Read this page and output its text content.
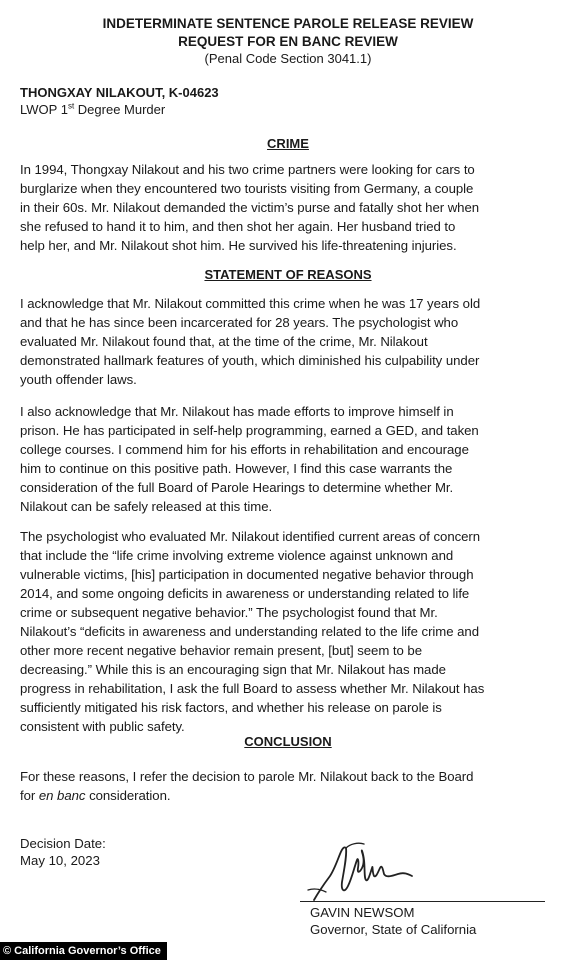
INDETERMINATE SENTENCE PAROLE RELEASE REVIEW
REQUEST FOR EN BANC REVIEW
(Penal Code Section 3041.1)
THONGXAY NILAKOUT, K-04623
LWOP 1st Degree Murder
CRIME
In 1994, Thongxay Nilakout and his two crime partners were looking for cars to
burglarize when they encountered two tourists visiting from Germany, a couple
in their 60s. Mr. Nilakout demanded the victim’s purse and fatally shot her when
she refused to hand it to him, and then shot her again. Her husband tried to
help her, and Mr. Nilakout shot him. He survived his life-threatening injuries.
STATEMENT OF REASONS
I acknowledge that Mr. Nilakout committed this crime when he was 17 years old
and that he has since been incarcerated for 28 years. The psychologist who
evaluated Mr. Nilakout found that, at the time of the crime, Mr. Nilakout
demonstrated hallmark features of youth, which diminished his culpability under
youth offender laws.
I also acknowledge that Mr. Nilakout has made efforts to improve himself in
prison. He has participated in self-help programming, earned a GED, and taken
college courses. I commend him for his efforts in rehabilitation and encourage
him to continue on this positive path. However, I find this case warrants the
consideration of the full Board of Parole Hearings to determine whether Mr.
Nilakout can be safely released at this time.
The psychologist who evaluated Mr. Nilakout identified current areas of concern
that include the “life crime involving extreme violence against unknown and
vulnerable victims, [his] participation in documented negative behavior through
2014, and some ongoing deficits in awareness or understanding related to life
crime or subsequent negative behavior.” The psychologist found that Mr.
Nilakout’s “deficits in awareness and understanding related to the life crime and
other more recent negative behavior remain present, [but] seem to be
decreasing.” While this is an encouraging sign that Mr. Nilakout has made
progress in rehabilitation, I ask the full Board to assess whether Mr. Nilakout has
sufficiently mitigated his risk factors, and whether his release on parole is
consistent with public safety.
CONCLUSION
For these reasons, I refer the decision to parole Mr. Nilakout back to the Board
for en banc consideration.
Decision Date:
May 10, 2023
GAVIN NEWSOM
Governor, State of California
© California Governor’s Office
